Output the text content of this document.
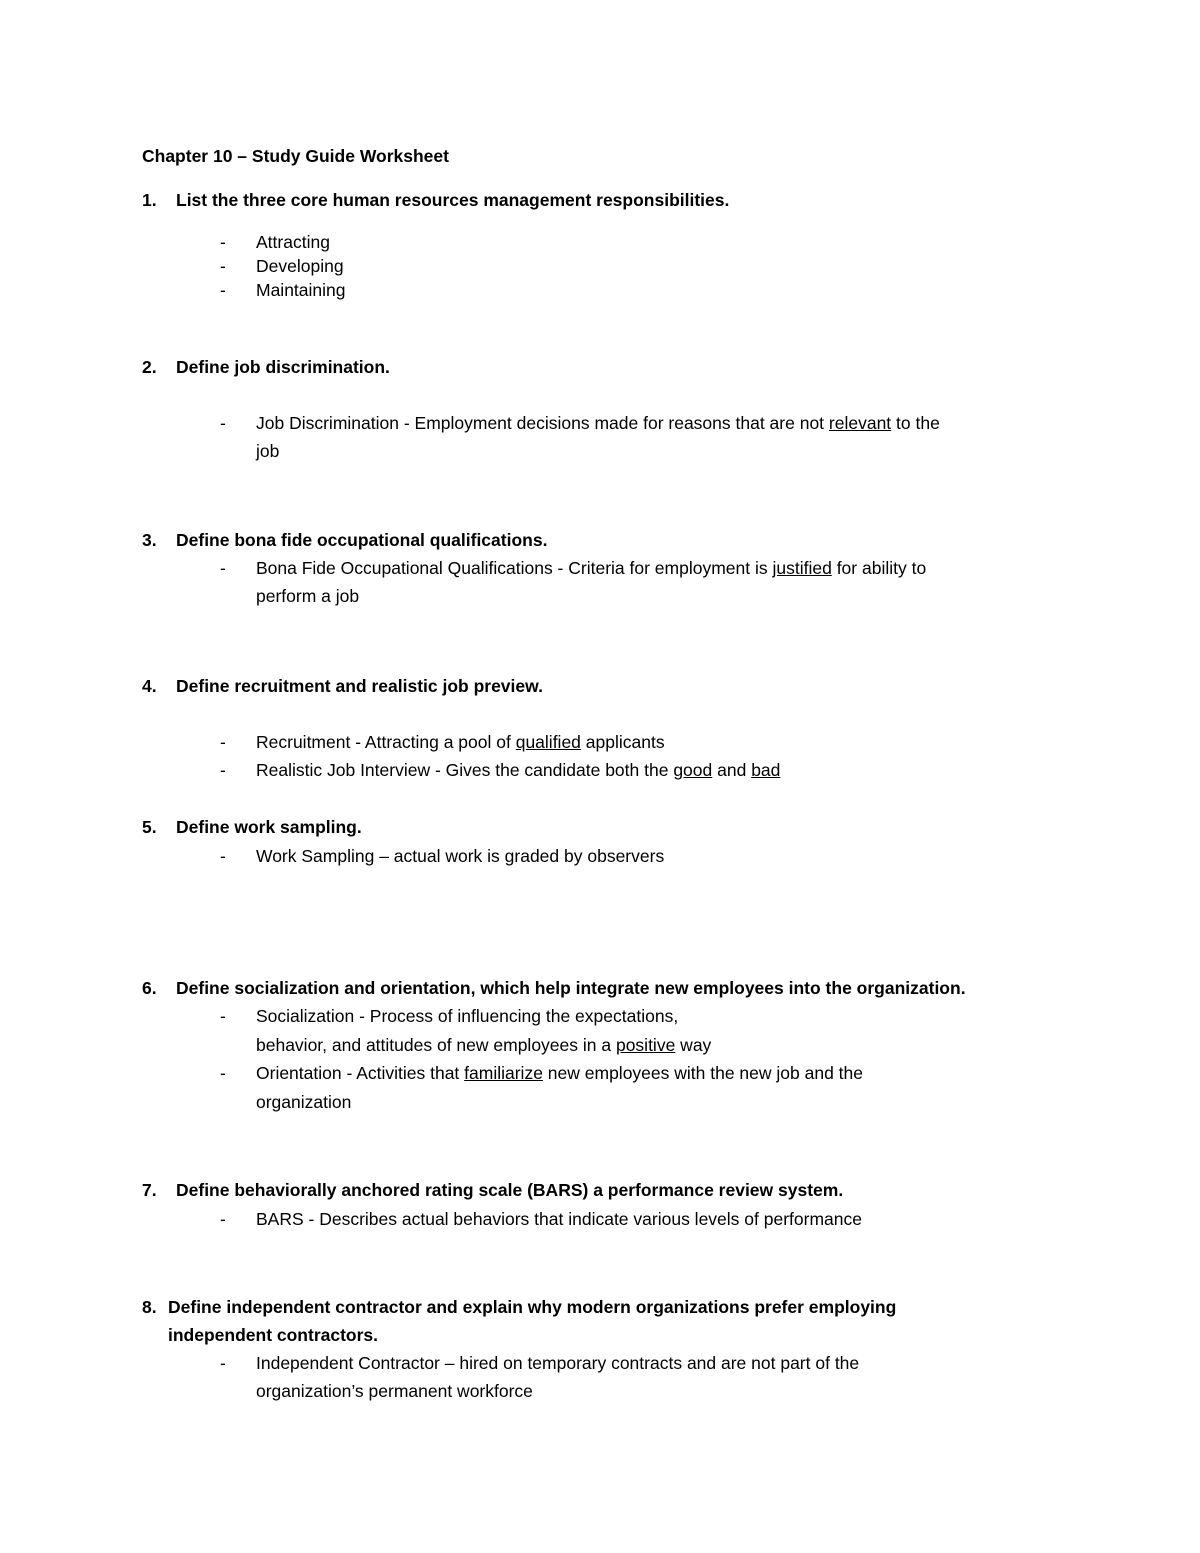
Chapter 10 – Study Guide Worksheet
1. List the three core human resources management responsibilities.
- Attracting
- Developing
- Maintaining
2. Define job discrimination.
- Job Discrimination - Employment decisions made for reasons that are not relevant to the
job
3. Define bona fide occupational qualifications.
- Bona Fide Occupational Qualifications - Criteria for employment is justified for ability to
perform a job
4. Define recruitment and realistic job preview.
- Recruitment - Attracting a pool of qualified applicants
- Realistic Job Interview - Gives the candidate both the good and bad
5. Define work sampling.
- Work Sampling – actual work is graded by observers
6. Define socialization and orientation, which help integrate new employees into the organization.
- Socialization - Process of influencing the expectations,
behavior, and attitudes of new employees in a positive way
- Orientation - Activities that familiarize new employees with the new job and the
organization
7. Define behaviorally anchored rating scale (BARS) a performance review system.
- BARS - Describes actual behaviors that indicate various levels of performance
8. Define independent contractor and explain why modern organizations prefer employing
independent contractors.
- Independent Contractor – hired on temporary contracts and are not part of the
organization’s permanent workforce
